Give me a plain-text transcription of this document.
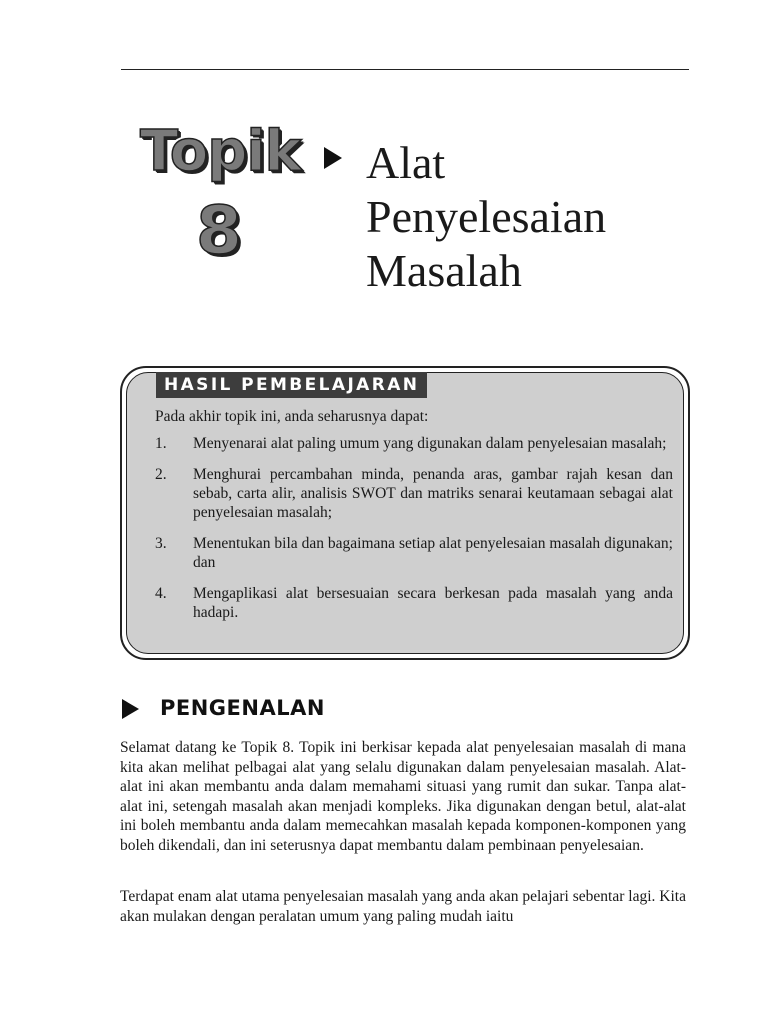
Topik
8
Alat
Penyelesaian
Masalah
HASIL PEMBELAJARAN
Pada akhir topik ini, anda seharusnya dapat:
1.	Menyenarai alat paling umum yang digunakan dalam penyelesaian masalah;
2.	Menghurai percambahan minda, penanda aras, gambar rajah kesan dan sebab, carta alir, analisis SWOT dan matriks senarai keutamaan sebagai alat penyelesaian masalah;
3.	Menentukan bila dan bagaimana setiap alat penyelesaian masalah digunakan; dan
4.	Mengaplikasi alat bersesuaian secara berkesan pada masalah yang anda hadapi.
PENGENALAN

Selamat datang ke Topik 8. Topik ini berkisar kepada alat penyelesaian masalah di mana kita akan melihat pelbagai alat yang selalu digunakan dalam penyelesaian masalah. Alat-alat ini akan membantu anda dalam memahami situasi yang rumit dan sukar. Tanpa alat-alat ini, setengah masalah akan menjadi kompleks. Jika digunakan dengan betul, alat-alat ini boleh membantu anda dalam memecahkan masalah kepada komponen-komponen yang boleh dikendali, dan ini seterusnya dapat membantu dalam pembinaan penyelesaian.

Terdapat enam alat utama penyelesaian masalah yang anda akan pelajari sebentar lagi. Kita akan mulakan dengan peralatan umum yang paling mudah iaitu
